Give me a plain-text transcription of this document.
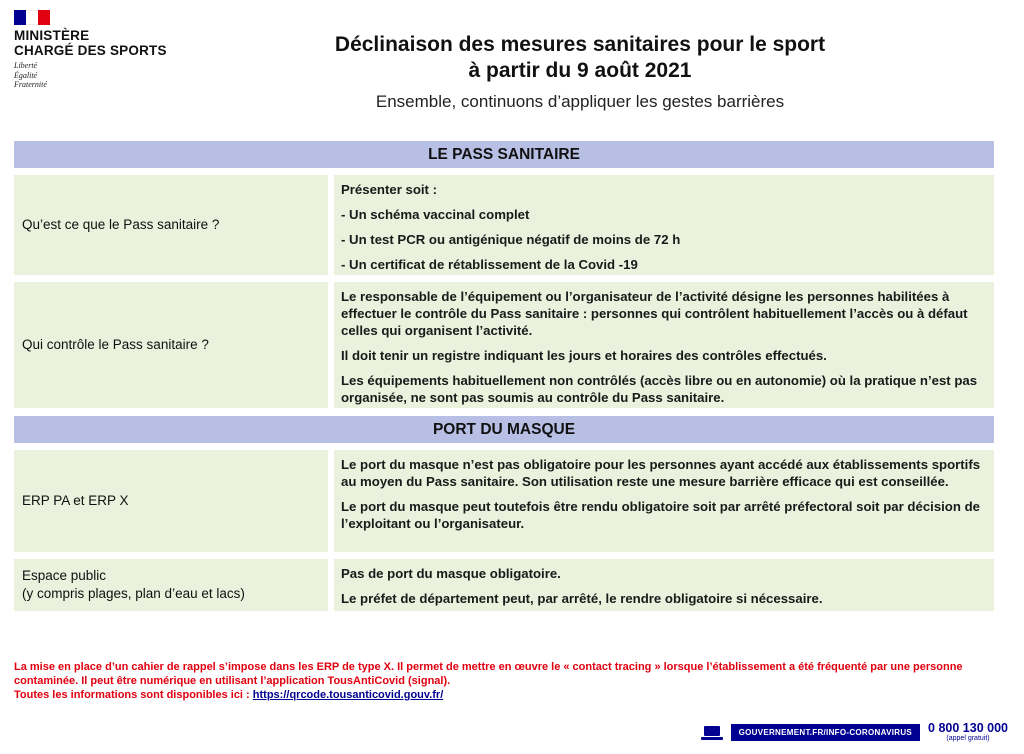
MINISTÈRE
CHARGÉ DES SPORTS
Liberté
Égalité
Fraternité
Déclinaison des mesures sanitaires pour le sport
à partir du 9 août 2021
Ensemble, continuons d’appliquer les gestes barrières
LE PASS SANITAIRE
Qu’est ce que le Pass sanitaire ?
Présenter soit :
- Un schéma vaccinal complet
- Un test PCR ou antigénique négatif de moins de 72 h
- Un certificat de rétablissement de la Covid -19
Qui contrôle le Pass sanitaire ?

Le responsable de l’équipement ou l’organisateur de l’activité désigne les personnes habilitées à effectuer le contrôle du Pass sanitaire : personnes qui contrôlent habituellement l’accès ou à défaut celles qui organisent l’activité.

Il doit tenir un registre indiquant les jours et horaires des contrôles effectués.

Les équipements habituellement non contrôlés (accès libre ou en autonomie) où la pratique n’est pas organisée, ne sont pas soumis au contrôle du Pass sanitaire.

PORT DU MASQUE
ERP PA et ERP X

Le port du masque n’est pas obligatoire pour les personnes ayant accédé aux établissements sportifs au moyen du Pass sanitaire. Son utilisation reste une mesure barrière efficace qui est conseillée.

Le port du masque peut toutefois être rendu obligatoire soit par arrêté préfectoral soit par décision de l’exploitant ou l’organisateur.

Espace public
(y compris plages, plan d’eau et lacs)

Pas de port du masque obligatoire.

Le préfet de département peut, par arrêté, le rendre obligatoire si nécessaire.

La mise en place d’un cahier de rappel s’impose dans les ERP de type X. Il permet de mettre en œuvre le « contact tracing » lorsque l’établissement a été fréquenté par une personne contaminée. Il peut être numérique en utilisant l’application TousAntiCovid (signal).
Toutes les informations sont disponibles ici : https://qrcode.tousanticovid.gouv.fr/
GOUVERNEMENT.FR/INFO-CORONAVIRUS	0 800 130 000
(appel gratuit)
